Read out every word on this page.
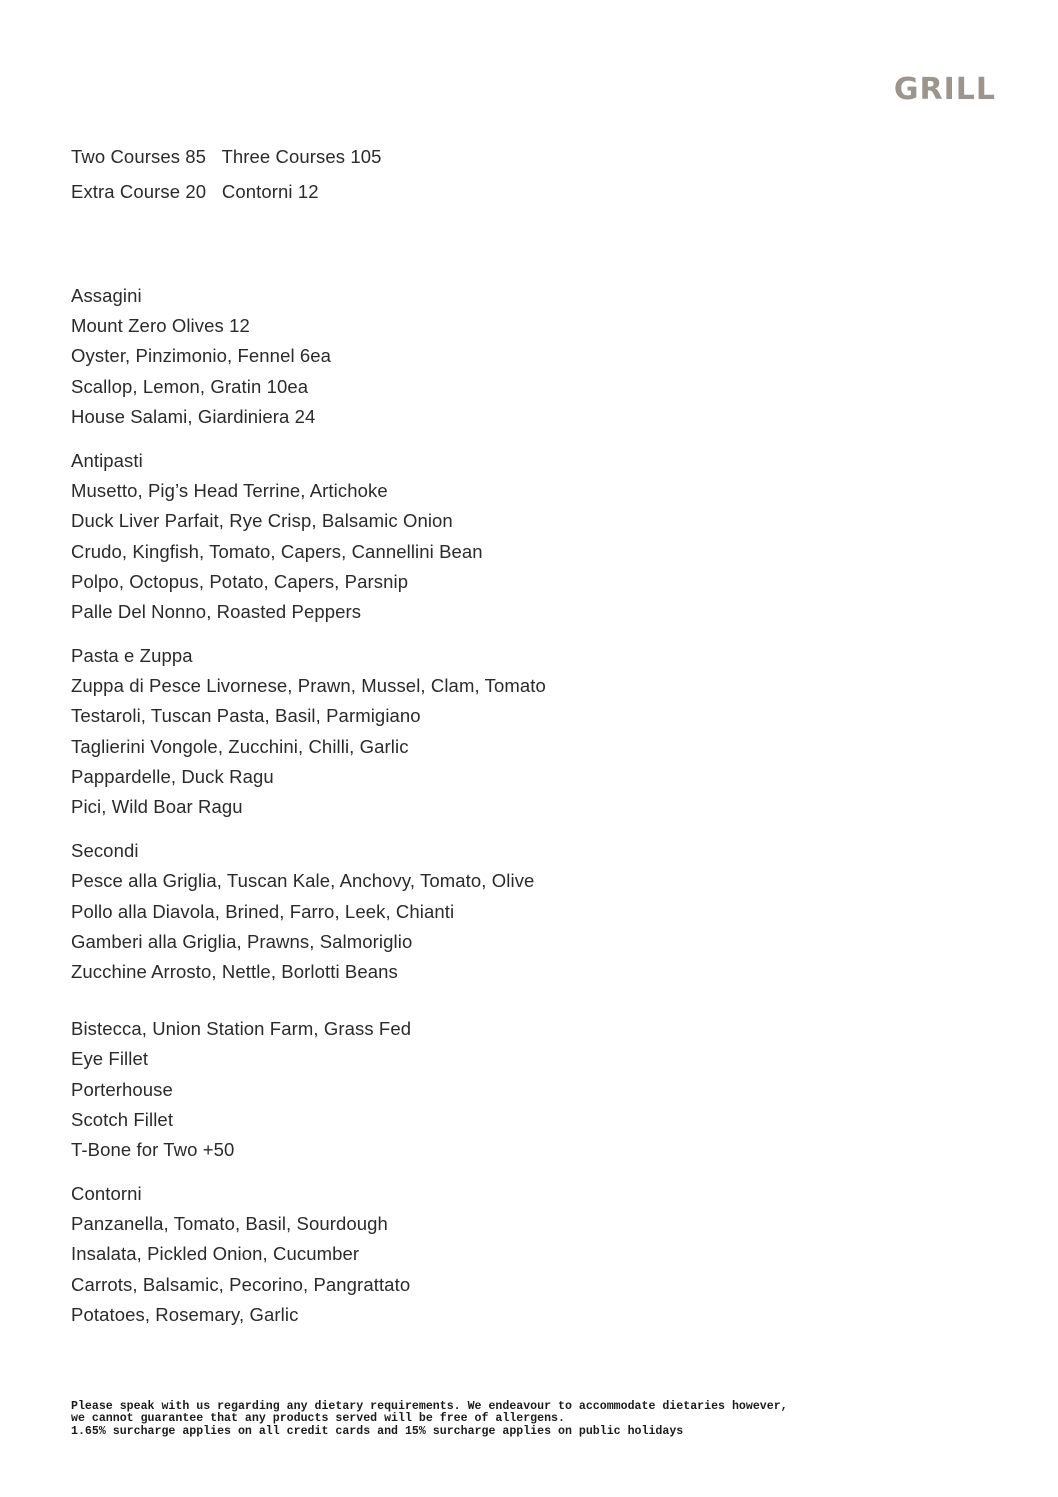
GRILL
Two Courses 85   Three Courses 105
Extra Course 20   Contorni 12
Assagini
Mount Zero Olives 12
Oyster, Pinzimonio, Fennel 6ea
Scallop, Lemon, Gratin 10ea
House Salami, Giardiniera 24
Antipasti
Musetto, Pig’s Head Terrine, Artichoke
Duck Liver Parfait, Rye Crisp, Balsamic Onion
Crudo, Kingfish, Tomato, Capers, Cannellini Bean
Polpo, Octopus, Potato, Capers, Parsnip
Palle Del Nonno, Roasted Peppers
Pasta e Zuppa
Zuppa di Pesce Livornese, Prawn, Mussel, Clam, Tomato
Testaroli, Tuscan Pasta, Basil, Parmigiano
Taglierini Vongole, Zucchini, Chilli, Garlic
Pappardelle, Duck Ragu
Pici, Wild Boar Ragu
Secondi
Pesce alla Griglia, Tuscan Kale, Anchovy, Tomato, Olive
Pollo alla Diavola, Brined, Farro, Leek, Chianti
Gamberi alla Griglia, Prawns, Salmoriglio
Zucchine Arrosto, Nettle, Borlotti Beans
Bistecca, Union Station Farm, Grass Fed
Eye Fillet
Porterhouse
Scotch Fillet
T-Bone for Two +50
Contorni
Panzanella, Tomato, Basil, Sourdough
Insalata, Pickled Onion, Cucumber
Carrots, Balsamic, Pecorino, Pangrattato
Potatoes, Rosemary, Garlic
Please speak with us regarding any dietary requirements. We endeavour to accommodate dietaries however,
we cannot guarantee that any products served will be free of allergens.
1.65% surcharge applies on all credit cards and 15% surcharge applies on public holidays
